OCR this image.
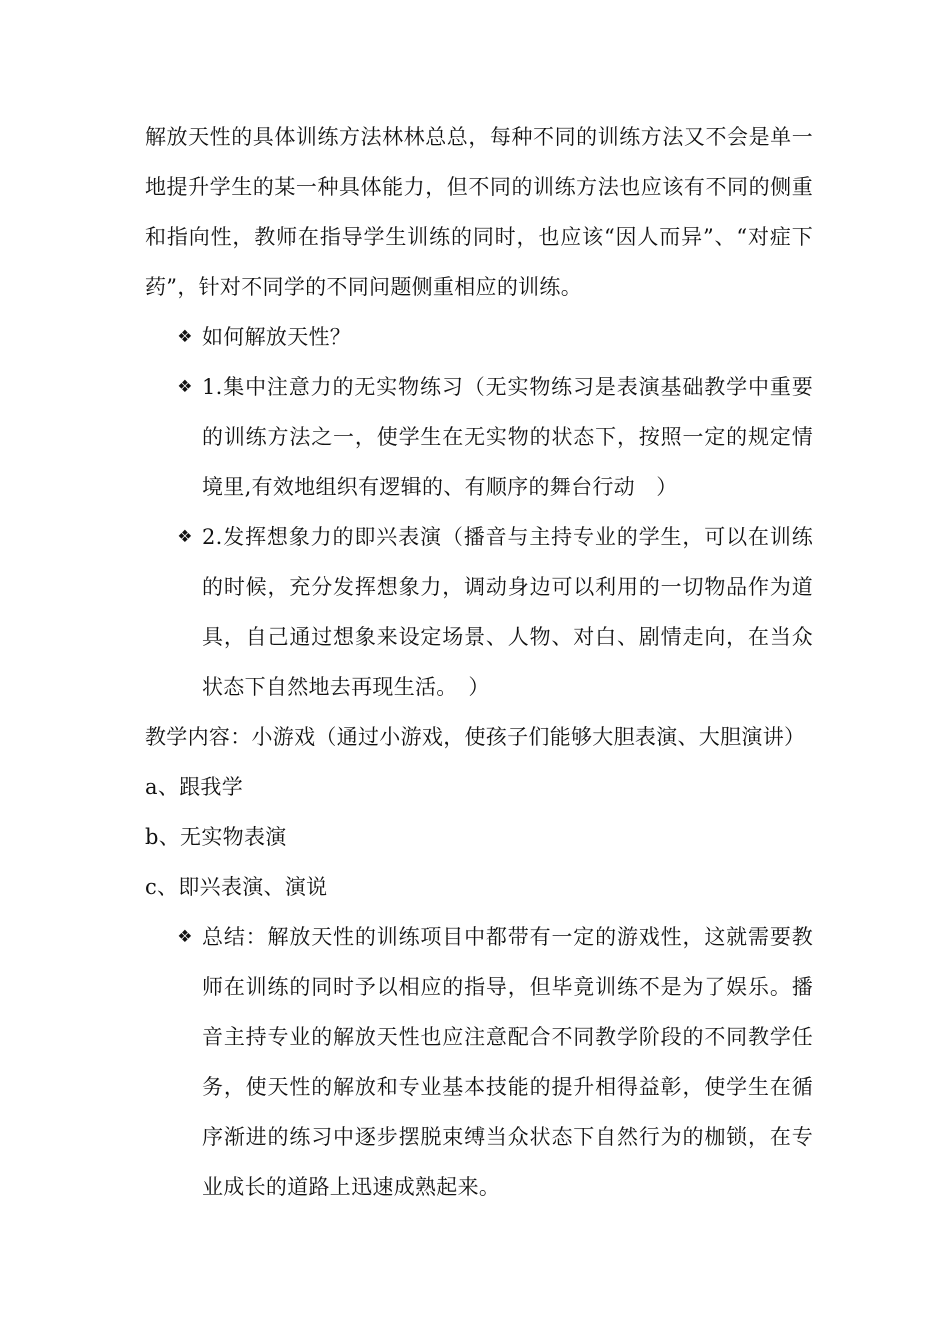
解放天性的具体训练方法林林总总，每种不同的训练方法又不会是单一地提升学生的某一种具体能力，但不同的训练方法也应该有不同的侧重和指向性，教师在指导学生训练的同时，也应该“因人而异”、“对症下药”，针对不同学的不同问题侧重相应的训练。

❖ 如何解放天性？
❖ 1.集中注意力的无实物练习（无实物练习是表演基础教学中重要的训练方法之一，使学生在无实物的状态下，按照一定的规定情境里,有效地组织有逻辑的、有顺序的舞台行动　）
❖ 2.发挥想象力的即兴表演（播音与主持专业的学生，可以在训练的时候，充分发挥想象力，调动身边可以利用的一切物品作为道具，自己通过想象来设定场景、人物、对白、剧情走向，在当众状态下自然地去再现生活。　）

教学内容：小游戏（通过小游戏，使孩子们能够大胆表演、大胆演讲）

a、跟我学

b、无实物表演

c、即兴表演、演说

❖ 总结：解放天性的训练项目中都带有一定的游戏性，这就需要教师在训练的同时予以相应的指导，但毕竟训练不是为了娱乐。播音主持专业的解放天性也应注意配合不同教学阶段的不同教学任务，使天性的解放和专业基本技能的提升相得益彰，使学生在循序渐进的练习中逐步摆脱束缚当众状态下自然行为的枷锁，在专业成长的道路上迅速成熟起来。
